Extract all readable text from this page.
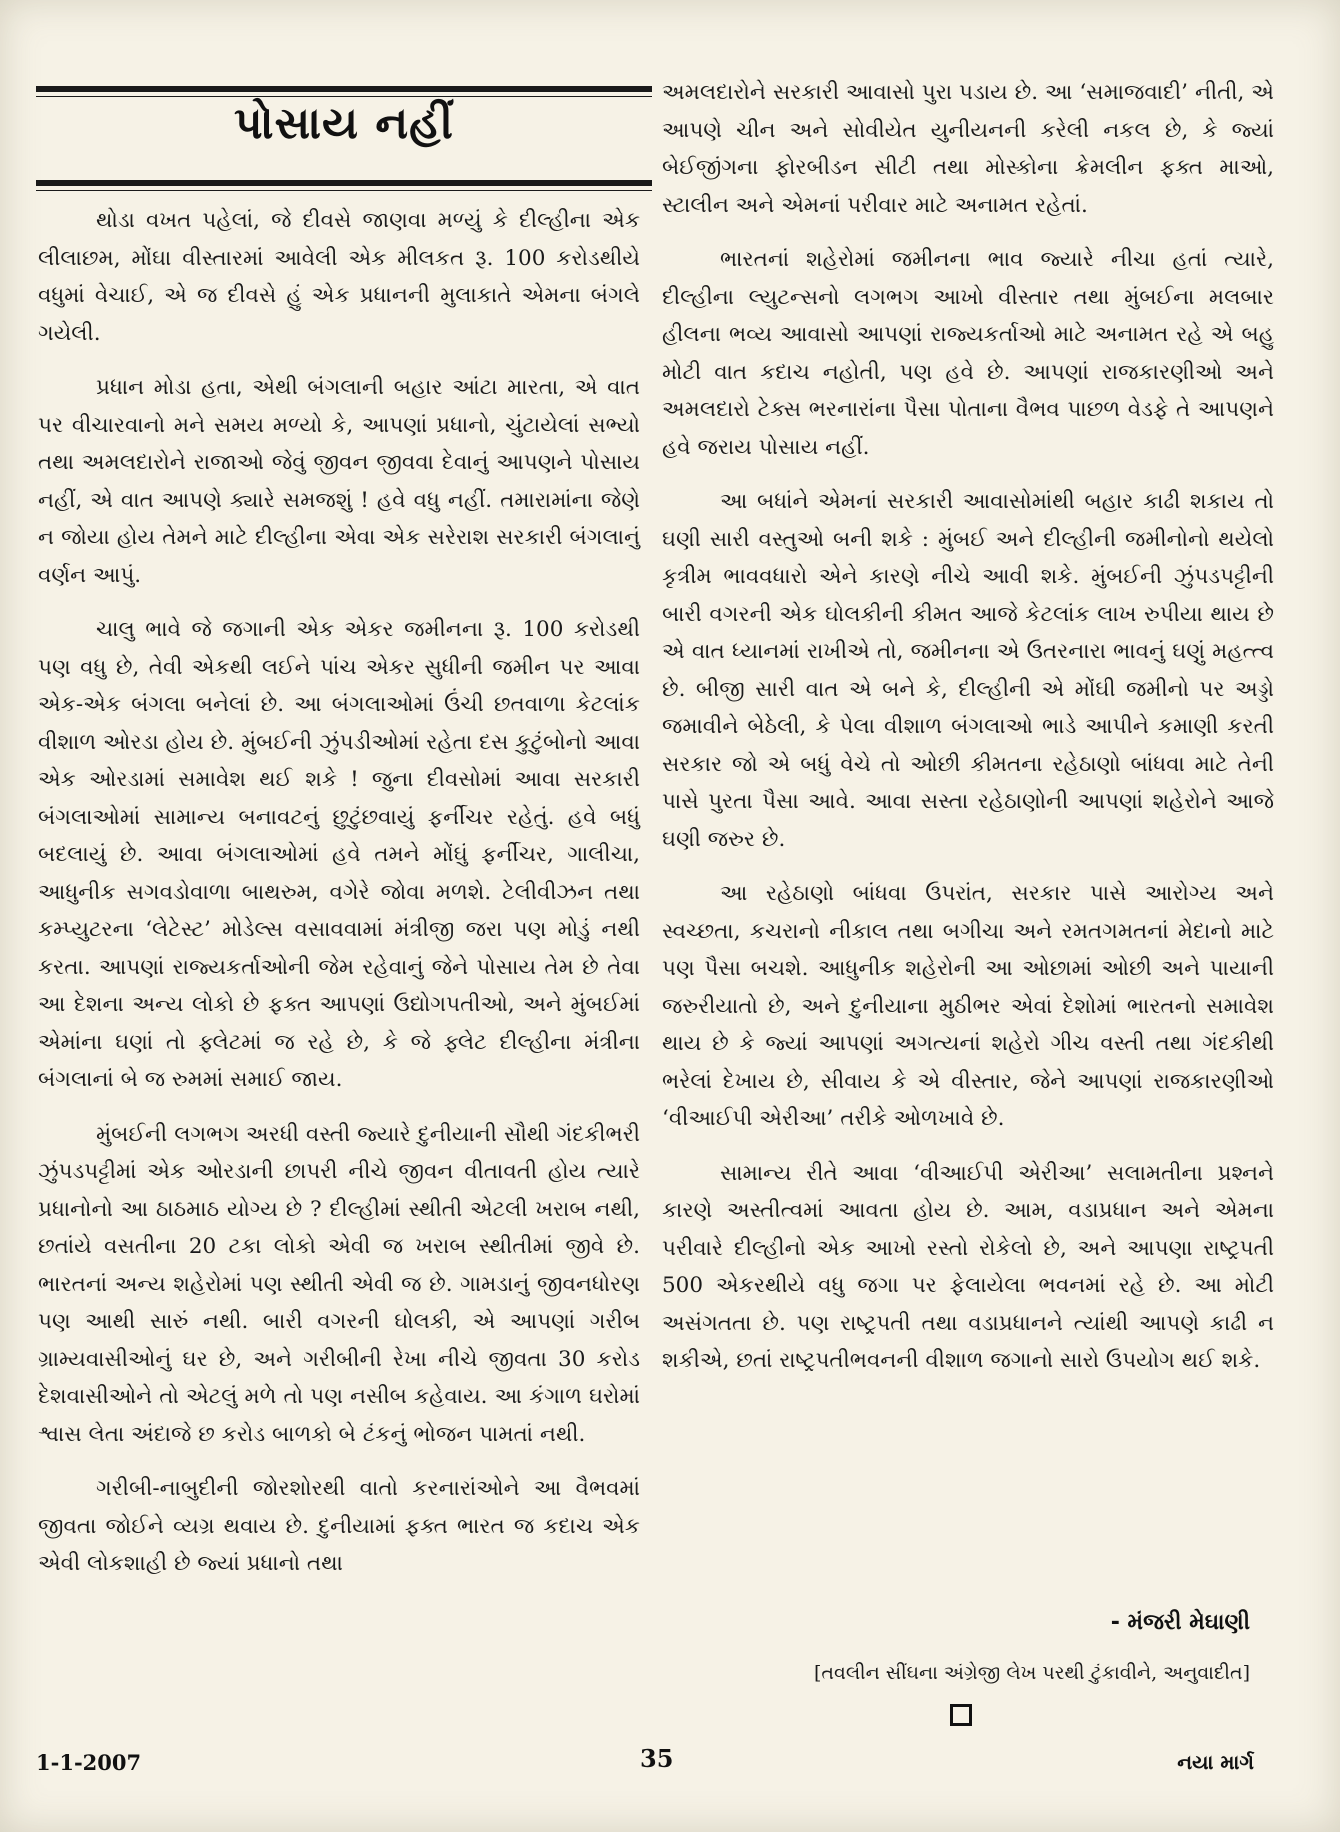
પોસાય નહીં

થોડા વખત પહેલાં, જે દીવસે જાણવા મળ્યું કે દીલ્હીના એક લીલાછમ, મોંઘા વીસ્તારમાં આવેલી એક મીલકત રૂ. 100 કરોડથીયે વધુમાં વેચાઈ, એ જ દીવસે હું એક પ્રધાનની મુલાકાતે એમના બંગલે ગયેલી.

પ્રધાન મોડા હતા, એથી બંગલાની બહાર આંટા મારતા, એ વાત પર વીચારવાનો મને સમય મળ્યો કે, આપણાં પ્રધાનો, ચુંટાયેલાં સભ્યો તથા અમલદારોને રાજાઓ જેવું જીવન જીવવા દેવાનું આપણને પોસાય નહીં, એ વાત આપણે ક્યારે સમજશું ! હવે વધુ નહીં. તમારામાંના જેણે ન જોયા હોય તેમને માટે દીલ્હીના એવા એક સરેરાશ સરકારી બંગલાનું વર્ણન આપું.

ચાલુ ભાવે જે જગાની એક એકર જમીનના રૂ. 100 કરોડથી પણ વધુ છે, તેવી એકથી લઈને પાંચ એકર સુધીની જમીન પર આવા એક-એક બંગલા બનેલાં છે. આ બંગલાઓમાં ઉંચી છતવાળા કેટલાંક વીશાળ ઓરડા હોય છે. મુંબઈની ઝુંપડીઓમાં રહેતા દસ કુટુંબોનો આવા એક ઓરડામાં સમાવેશ થઈ શકે ! જુના દીવસોમાં આવા સરકારી બંગલાઓમાં સામાન્ય બનાવટનું છુટુંછવાયું ફર્નીચર રહેતું. હવે બધું બદલાયું છે. આવા બંગલાઓમાં હવે તમને મોંઘું ફર્નીચર, ગાલીચા, આધુનીક સગવડોવાળા બાથરુમ, વગેરે જોવા મળશે. ટેલીવીઝન તથા કમ્પ્યુટરના ‘લેટેસ્ટ’ મોડેલ્સ વસાવવામાં મંત્રીજી જરા પણ મોડું નથી કરતા. આપણાં રાજ્યકર્તાઓની જેમ રહેવાનું જેને પોસાય તેમ છે તેવા આ દેશના અન્ય લોકો છે ફક્ત આપણાં ઉદ્યોગપતીઓ, અને મુંબઈમાં એમાંના ઘણાં તો ફ્લેટમાં જ રહે છે, કે જે ફ્લેટ દીલ્હીના મંત્રીના બંગલાનાં બે જ રુમમાં સમાઈ જાય.

મુંબઈની લગભગ અરધી વસ્તી જ્યારે દુનીયાની સૌથી ગંદકીભરી ઝુંપડપટ્ટીમાં એક ઓરડાની છાપરી નીચે જીવન વીતાવતી હોય ત્યારે પ્રધાનોનો આ ઠાઠમાઠ યોગ્ય છે ? દીલ્હીમાં સ્થીતી એટલી ખરાબ નથી, છતાંયે વસતીના 20 ટકા લોકો એવી જ ખરાબ સ્થીતીમાં જીવે છે. ભારતનાં અન્ય શહેરોમાં પણ સ્થીતી એવી જ છે. ગામડાનું જીવનધોરણ પણ આથી સારું નથી. બારી વગરની ઘોલકી, એ આપણાં ગરીબ ગ્રામ્યવાસીઓનું ઘર છે, અને ગરીબીની રેખા નીચે જીવતા 30 કરોડ દેશવાસીઓને તો એટલું મળે તો પણ નસીબ કહેવાય. આ કંગાળ ઘરોમાં શ્વાસ લેતા અંદાજે છ કરોડ બાળકો બે ટંકનું ભોજન પામતાં નથી.

ગરીબી-નાબુદીની જોરશોરથી વાતો કરનારાંઓને આ વૈભવમાં જીવતા જોઈને વ્યગ્ર થવાય છે. દુનીયામાં ફક્ત ભારત જ કદાચ એક એવી લોકશાહી છે જ્યાં પ્રધાનો તથા

અમલદારોને સરકારી આવાસો પુરા પડાય છે. આ ‘સમાજવાદી’ નીતી, એ આપણે ચીન અને સોવીયેત યુનીયનની કરેલી નકલ છે, કે જ્યાં બેઈજીંગના ફોરબીડન સીટી તથા મોસ્કોના ક્રેમલીન ફક્ત માઓ, સ્ટાલીન અને એમનાં પરીવાર માટે અનામત રહેતાં.

ભારતનાં શહેરોમાં જમીનના ભાવ જ્યારે નીચા હતાં ત્યારે, દીલ્હીના લ્યુટન્સનો લગભગ આખો વીસ્તાર તથા મુંબઈના મલબાર હીલના ભવ્ય આવાસો આપણાં રાજ્યકર્તાઓ માટે અનામત રહે એ બહુ મોટી વાત કદાચ નહોતી, પણ હવે છે. આપણાં રાજકારણીઓ અને અમલદારો ટેક્સ ભરનારાંના પૈસા પોતાના વૈભવ પાછળ વેડફે તે આપણને હવે જરાય પોસાય નહીં.

આ બધાંને એમનાં સરકારી આવાસોમાંથી બહાર કાઢી શકાય તો ઘણી સારી વસ્તુઓ બની શકે : મુંબઈ અને દીલ્હીની જમીનોનો થયેલો કૃત્રીમ ભાવવધારો એને કારણે નીચે આવી શકે. મુંબઈની ઝુંપડપટ્ટીની બારી વગરની એક ઘોલકીની કીમત આજે કેટલાંક લાખ રુપીયા થાય છે એ વાત ધ્યાનમાં રાખીએ તો, જમીનના એ ઉતરનારા ભાવનું ઘણું મહત્ત્વ છે. બીજી સારી વાત એ બને કે, દીલ્હીની એ મોંઘી જમીનો પર અડ્ડો જમાવીને બેઠેલી, કે પેલા વીશાળ બંગલાઓ ભાડે આપીને કમાણી કરતી સરકાર જો એ બધું વેચે તો ઓછી કીમતના રહેઠાણો બાંધવા માટે તેની પાસે પુરતા પૈસા આવે. આવા સસ્તા રહેઠાણોની આપણાં શહેરોને આજે ઘણી જરુર છે.

આ રહેઠાણો બાંધવા ઉપરાંત, સરકાર પાસે આરોગ્ય અને સ્વચ્છતા, કચરાનો નીકાલ તથા બગીચા અને રમતગમતનાં મેદાનો માટે પણ પૈસા બચશે. આધુનીક શહેરોની આ ઓછામાં ઓછી અને પાયાની જરુરીયાતો છે, અને દુનીયાના મુઠીભર એવાં દેશોમાં ભારતનો સમાવેશ થાય છે કે જ્યાં આપણાં અગત્યનાં શહેરો ગીચ વસ્તી તથા ગંદકીથી ભરેલાં દેખાય છે, સીવાય કે એ વીસ્તાર, જેને આપણાં રાજકારણીઓ ‘વીઆઈપી એરીઆ’ તરીકે ઓળખાવે છે.

સામાન્ય રીતે આવા ‘વીઆઈપી એરીઆ’ સલામતીના પ્રશ્નને કારણે અસ્તીત્વમાં આવતા હોય છે. આમ, વડાપ્રધાન અને એમના પરીવારે દીલ્હીનો એક આખો રસ્તો રોકેલો છે, અને આપણા રાષ્ટ્રપતી 500 એકરથીયે વધુ જગા પર ફેલાયેલા ભવનમાં રહે છે. આ મોટી અસંગતતા છે. પણ રાષ્ટ્રપતી તથા વડાપ્રધાનને ત્યાંથી આપણે કાઢી ન શકીએ, છતાં રાષ્ટ્રપતીભવનની વીશાળ જગાનો સારો ઉપયોગ થઈ શકે.

- મંજરી મેઘાણી
[તવલીન સીંઘના અંગ્રેજી લેખ પરથી ટુંકાવીને, અનુવાદીત]
1-1-2007	35	નયા માર્ગ
